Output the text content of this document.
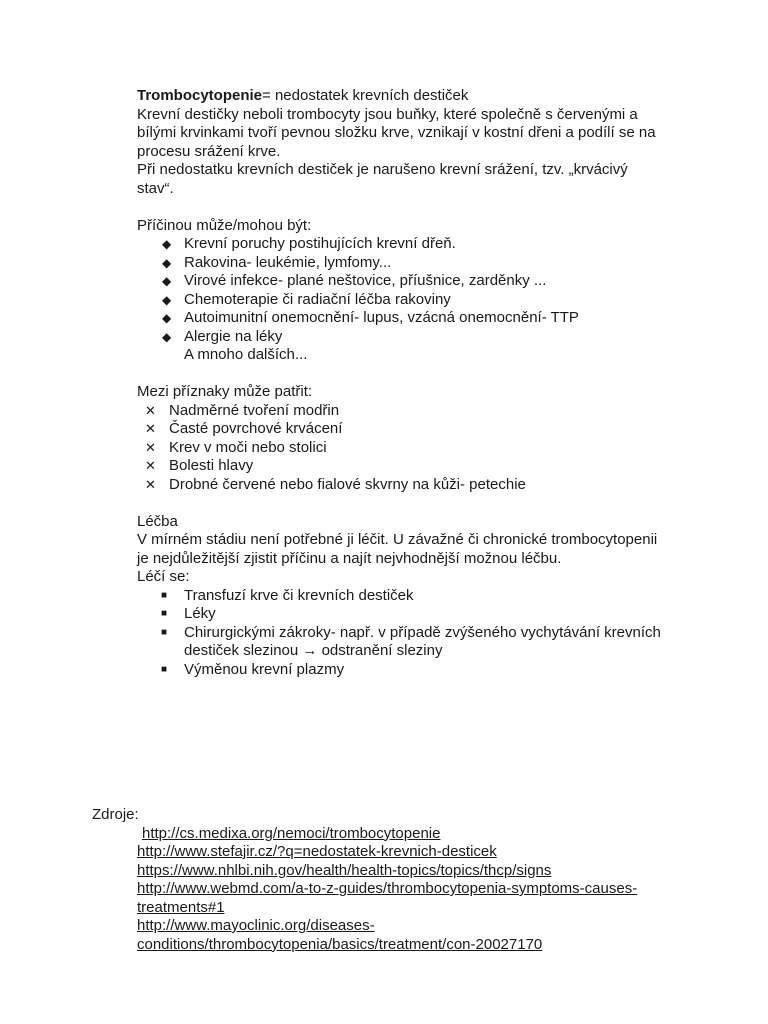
Trombocytopenie= nedostatek krevních destiček

Krevní destičky neboli trombocyty jsou buňky, které společně s červenými a

bílými krvinkami tvoří pevnou složku krve, vznikají v kostní dřeni a podílí se na

procesu srážení krve.

Při nedostatku krevních destiček je narušeno krevní srážení, tzv. „krvácivý

stav“.

Příčinou může/mohou být:

◆ Krevní poruchy postihujících krevní dřeň.
◆ Rakovina- leukémie, lymfomy...
◆ Virové infekce- plané neštovice, příušnice, zarděnky ...
◆ Chemoterapie či radiační léčba rakoviny
◆ Autoimunitní onemocnění- lupus, vzácná onemocnění- TTP
◆ Alergie na léky

A mnoho dalších...

Mezi příznaky může patřit:

✕ Nadměrné tvoření modřin
✕ Časté povrchové krvácení
✕ Krev v moči nebo stolici
✕ Bolesti hlavy
✕ Drobné červené nebo fialové skvrny na kůži- petechie

Léčba

V mírném stádiu není potřebné ji léčit. U závažné či chronické trombocytopenii

je nejdůležitější zjistit příčinu a najít nejvhodnější možnou léčbu.

Léčí se:

■ Transfuzí krve či krevních destiček
■ Léky
■ Chirurgickými zákroky- např. v případě zvýšeného vychytávání krevních destiček slezinou → odstranění sleziny
■ Výměnou krevní plazmy

Zdroje:

http://cs.medixa.org/nemoci/trombocytopenie
http://www.stefajir.cz/?q=nedostatek-krevnich-desticek
https://www.nhlbi.nih.gov/health/health-topics/topics/thcp/signs
http://www.webmd.com/a-to-z-guides/thrombocytopenia-symptoms-causes-treatments#1
http://www.mayoclinic.org/diseases-conditions/thrombocytopenia/basics/treatment/con-20027170
